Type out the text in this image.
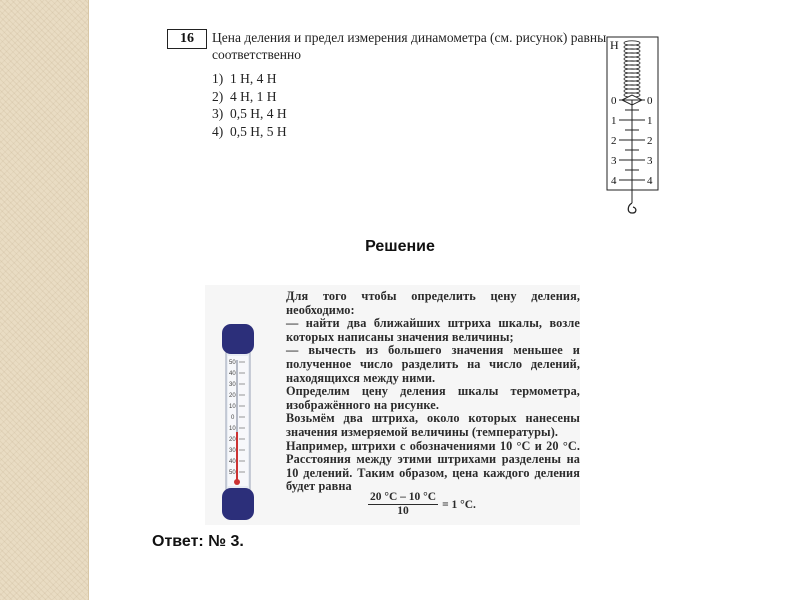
16	Цена деления и предел измерения динамометра (см. рисунок) равны соответственно
1) 1 Н, 4 Н
2) 4 Н, 1 Н
3) 0,5 Н, 4 Н
4) 0,5 Н, 5 Н
Н
0
1
2
3
4
0
1
2
3
4
Решение
50
40
30
20
10
0
10
20
30
40
50

Для того чтобы определить цену деления, необходимо:

— найти два ближайших штриха шкалы, возле которых написаны значения величины;

— вычесть из большего значения меньшее и полученное число разделить на число делений, находящихся между ними.

Определим цену деления шкалы термометра, изображённого на рисунке.

Возьмём два штриха, около которых нанесены значения измеряемой величины (температуры).

Например, штрихи с обозначениями 10 °С и 20 °С. Расстояния между этими штрихами разделены на 10 делений. Таким образом, цена каждого деления будет равна

$\frac{20 ^\circ С - 10 ^\circ С}{10} = 1$ °С.
Ответ: № 3.
